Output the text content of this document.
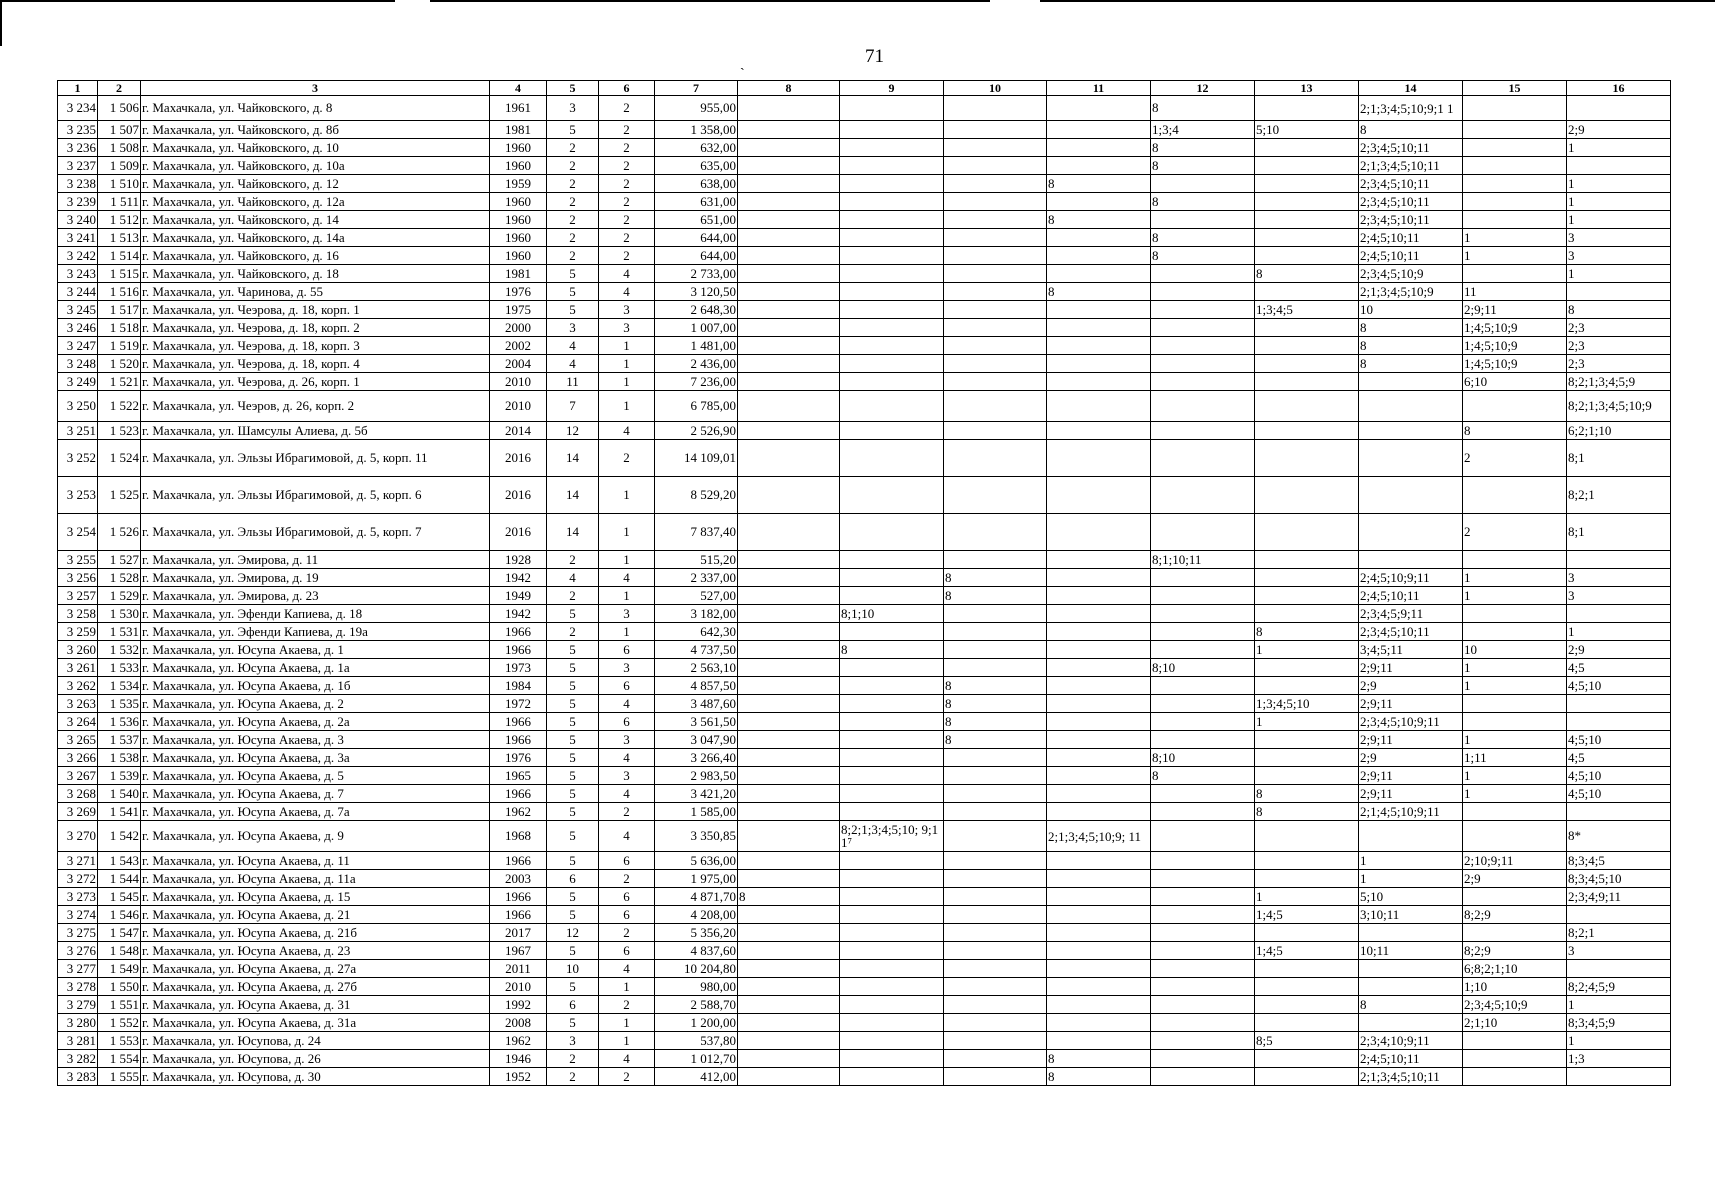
ˎ	71
1	2	3	4	5	6	7	8	9	10	11	12	13	14	15	16
3 234	1 506	г. Махачкала, ул. Чайковского, д. 8	1961	3	2	955,00					8		2;1;3;4;5;10;9;1 1		
3 235	1 507	г. Махачкала, ул. Чайковского, д. 8б	1981	5	2	1 358,00					1;3;4	5;10	8		2;9
3 236	1 508	г. Махачкала, ул. Чайковского, д. 10	1960	2	2	632,00					8		2;3;4;5;10;11		1
3 237	1 509	г. Махачкала, ул. Чайковского, д. 10а	1960	2	2	635,00					8		2;1;3;4;5;10;11		
3 238	1 510	г. Махачкала, ул. Чайковского, д. 12	1959	2	2	638,00				8			2;3;4;5;10;11		1
3 239	1 511	г. Махачкала, ул. Чайковского, д. 12а	1960	2	2	631,00					8		2;3;4;5;10;11		1
3 240	1 512	г. Махачкала, ул. Чайковского, д. 14	1960	2	2	651,00				8			2;3;4;5;10;11		1
3 241	1 513	г. Махачкала, ул. Чайковского, д. 14а	1960	2	2	644,00					8		2;4;5;10;11	1	3
3 242	1 514	г. Махачкала, ул. Чайковского, д. 16	1960	2	2	644,00					8		2;4;5;10;11	1	3
3 243	1 515	г. Махачкала, ул. Чайковского, д. 18	1981	5	4	2 733,00						8	2;3;4;5;10;9		1
3 244	1 516	г. Махачкала, ул. Чаринова, д. 55	1976	5	4	3 120,50				8			2;1;3;4;5;10;9	11	
3 245	1 517	г. Махачкала, ул. Чеэрова, д. 18, корп. 1	1975	5	3	2 648,30						1;3;4;5	10	2;9;11	8
3 246	1 518	г. Махачкала, ул. Чеэрова, д. 18, корп. 2	2000	3	3	1 007,00							8	1;4;5;10;9	2;3
3 247	1 519	г. Махачкала, ул. Чеэрова, д. 18, корп. 3	2002	4	1	1 481,00							8	1;4;5;10;9	2;3
3 248	1 520	г. Махачкала, ул. Чеэрова, д. 18, корп. 4	2004	4	1	2 436,00							8	1;4;5;10;9	2;3
3 249	1 521	г. Махачкала, ул. Чеэрова, д. 26, корп. 1	2010	11	1	7 236,00								6;10	8;2;1;3;4;5;9
3 250	1 522	г. Махачкала, ул. Чеэров, д. 26, корп. 2	2010	7	1	6 785,00									8;2;1;3;4;5;10;9
3 251	1 523	г. Махачкала, ул. Шамсулы Алиева, д. 5б	2014	12	4	2 526,90								8	6;2;1;10
3 252	1 524	г. Махачкала, ул. Эльзы Ибрагимовой, д. 5, корп. 11	2016	14	2	14 109,01								2	8;1
3 253	1 525	г. Махачкала, ул. Эльзы Ибрагимовой, д. 5, корп. 6	2016	14	1	8 529,20									8;2;1
3 254	1 526	г. Махачкала, ул. Эльзы Ибрагимовой, д. 5, корп. 7	2016	14	1	7 837,40								2	8;1
3 255	1 527	г. Махачкала, ул. Эмирова, д. 11	1928	2	1	515,20					8;1;10;11				
3 256	1 528	г. Махачкала, ул. Эмирова, д. 19	1942	4	4	2 337,00			8				2;4;5;10;9;11	1	3
3 257	1 529	г. Махачкала, ул. Эмирова, д. 23	1949	2	1	527,00			8				2;4;5;10;11	1	3
3 258	1 530	г. Махачкала, ул. Эфенди Капиева, д. 18	1942	5	3	3 182,00		8;1;10					2;3;4;5;9;11		
3 259	1 531	г. Махачкала, ул. Эфенди Капиева, д. 19а	1966	2	1	642,30						8	2;3;4;5;10;11		1
3 260	1 532	г. Махачкала, ул. Юсупа Акаева, д. 1	1966	5	6	4 737,50		8				1	3;4;5;11	10	2;9
3 261	1 533	г. Махачкала, ул. Юсупа Акаева, д. 1а	1973	5	3	2 563,10					8;10		2;9;11	1	4;5
3 262	1 534	г. Махачкала, ул. Юсупа Акаева, д. 1б	1984	5	6	4 857,50			8				2;9	1	4;5;10
3 263	1 535	г. Махачкала, ул. Юсупа Акаева, д. 2	1972	5	4	3 487,60			8			1;3;4;5;10	2;9;11		
3 264	1 536	г. Махачкала, ул. Юсупа Акаева, д. 2а	1966	5	6	3 561,50			8			1	2;3;4;5;10;9;11		
3 265	1 537	г. Махачкала, ул. Юсупа Акаева, д. 3	1966	5	3	3 047,90			8				2;9;11	1	4;5;10
3 266	1 538	г. Махачкала, ул. Юсупа Акаева, д. 3а	1976	5	4	3 266,40					8;10		2;9	1;11	4;5
3 267	1 539	г. Махачкала, ул. Юсупа Акаева, д. 5	1965	5	3	2 983,50					8		2;9;11	1	4;5;10
3 268	1 540	г. Махачкала, ул. Юсупа Акаева, д. 7	1966	5	4	3 421,20						8	2;9;11	1	4;5;10
3 269	1 541	г. Махачкала, ул. Юсупа Акаева, д. 7а	1962	5	2	1 585,00						8	2;1;4;5;10;9;11		
3 270	1 542	г. Махачкала, ул. Юсупа Акаева, д. 9	1968	5	4	3 350,85		8;2;1;3;4;5;10; 9;11⁷		2;1;3;4;5;10;9; 11					8*
3 271	1 543	г. Махачкала, ул. Юсупа Акаева, д. 11	1966	5	6	5 636,00							1	2;10;9;11	8;3;4;5
3 272	1 544	г. Махачкала, ул. Юсупа Акаева, д. 11а	2003	6	2	1 975,00							1	2;9	8;3;4;5;10
3 273	1 545	г. Махачкала, ул. Юсупа Акаева, д. 15	1966	5	6	4 871,70	8					1	5;10		2;3;4;9;11
3 274	1 546	г. Махачкала, ул. Юсупа Акаева, д. 21	1966	5	6	4 208,00						1;4;5	3;10;11	8;2;9	
3 275	1 547	г. Махачкала, ул. Юсупа Акаева, д. 21б	2017	12	2	5 356,20									8;2;1
3 276	1 548	г. Махачкала, ул. Юсупа Акаева, д. 23	1967	5	6	4 837,60						1;4;5	10;11	8;2;9	3
3 277	1 549	г. Махачкала, ул. Юсупа Акаева, д. 27а	2011	10	4	10 204,80								6;8;2;1;10	
3 278	1 550	г. Махачкала, ул. Юсупа Акаева, д. 27б	2010	5	1	980,00								1;10	8;2;4;5;9
3 279	1 551	г. Махачкала, ул. Юсупа Акаева, д. 31	1992	6	2	2 588,70							8	2;3;4;5;10;9	1
3 280	1 552	г. Махачкала, ул. Юсупа Акаева, д. 31а	2008	5	1	1 200,00								2;1;10	8;3;4;5;9
3 281	1 553	г. Махачкала, ул. Юсупова, д. 24	1962	3	1	537,80						8;5	2;3;4;10;9;11		1
3 282	1 554	г. Махачкала, ул. Юсупова, д. 26	1946	2	4	1 012,70				8			2;4;5;10;11		1;3
3 283	1 555	г. Махачкала, ул. Юсупова, д. 30	1952	2	2	412,00				8			2;1;3;4;5;10;11		
